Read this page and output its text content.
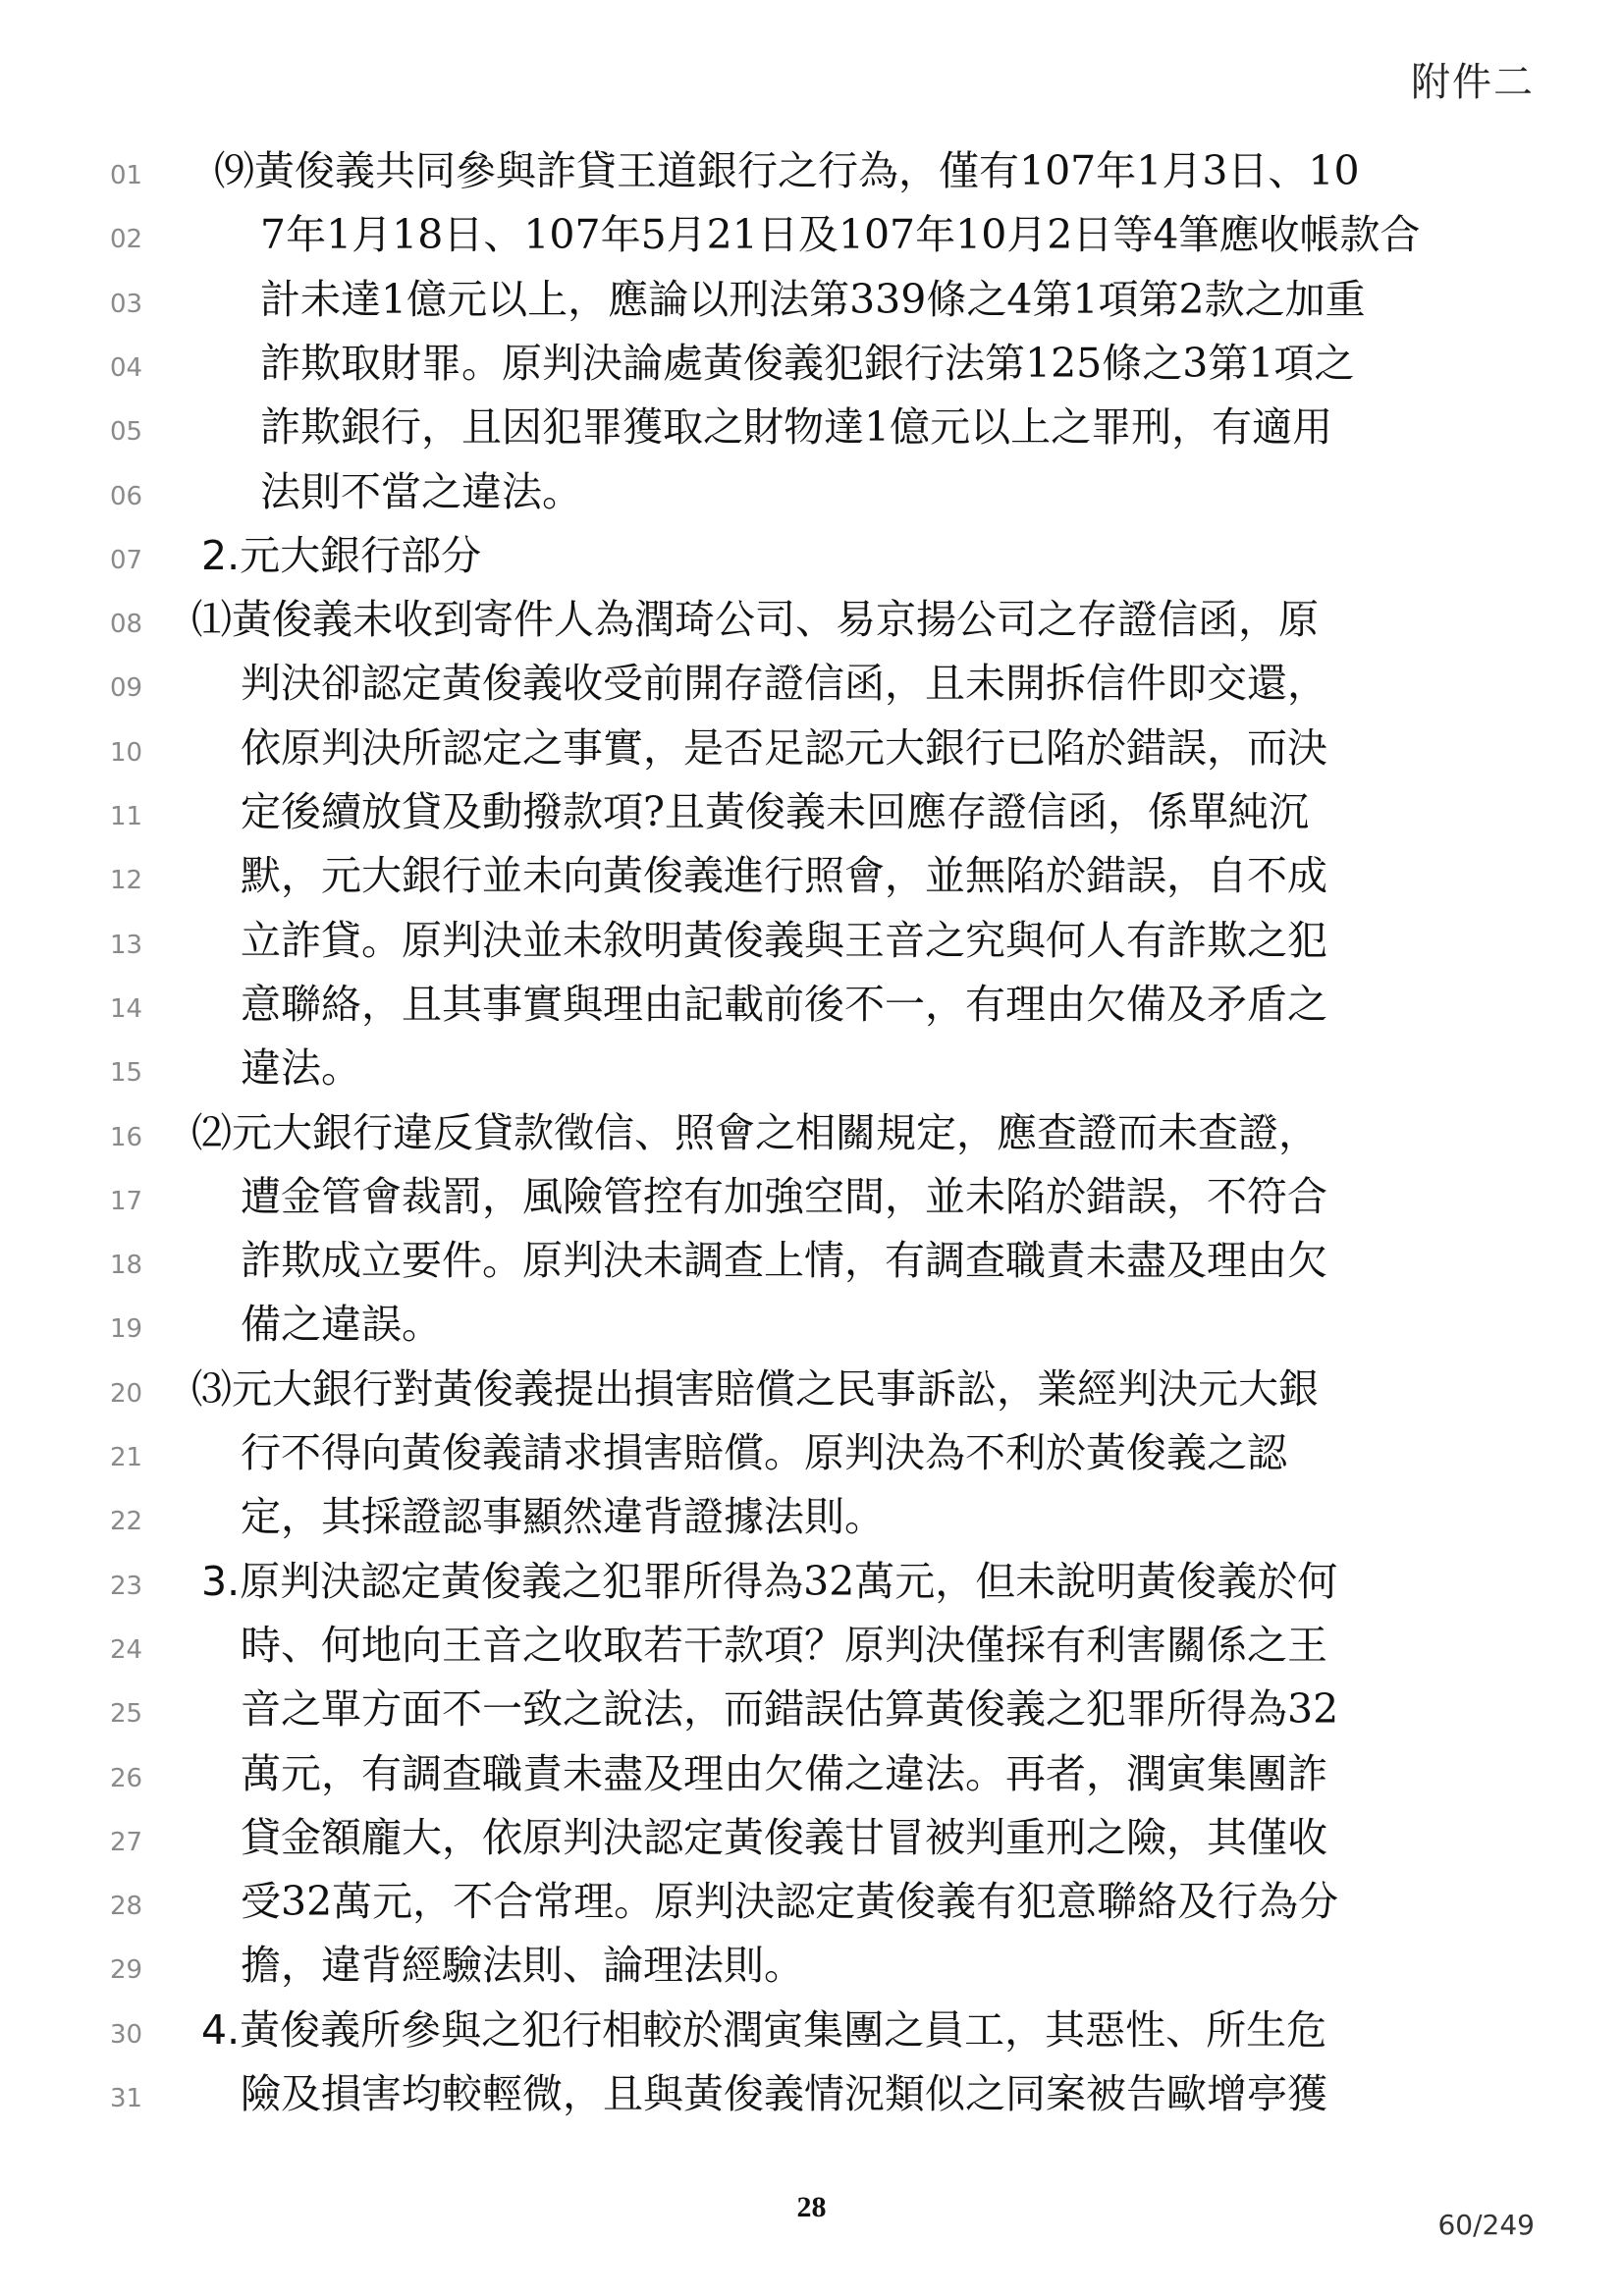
附件二
01	⑼黃俊義共同參與詐貸王道銀行之行為，僅有107年1月3日、10
02	7年1月18日、107年5月21日及107年10月2日等4筆應收帳款合
03	計未達1億元以上，應論以刑法第339條之4第1項第2款之加重
04	詐欺取財罪。原判決論處黃俊義犯銀行法第125條之3第1項之
05	詐欺銀行，且因犯罪獲取之財物達1億元以上之罪刑，有適用
06	法則不當之違法。
07	2.元大銀行部分
08	⑴黃俊義未收到寄件人為潤琦公司、易京揚公司之存證信函，原
09	判決卻認定黃俊義收受前開存證信函，且未開拆信件即交還，
10	依原判決所認定之事實，是否足認元大銀行已陷於錯誤，而決
11	定後續放貸及動撥款項?且黃俊義未回應存證信函，係單純沉
12	默，元大銀行並未向黃俊義進行照會，並無陷於錯誤，自不成
13	立詐貸。原判決並未敘明黃俊義與王音之究與何人有詐欺之犯
14	意聯絡，且其事實與理由記載前後不一，有理由欠備及矛盾之
15	違法。
16	⑵元大銀行違反貸款徵信、照會之相關規定，應查證而未查證，
17	遭金管會裁罰，風險管控有加強空間，並未陷於錯誤，不符合
18	詐欺成立要件。原判決未調查上情，有調查職責未盡及理由欠
19	備之違誤。
20	⑶元大銀行對黃俊義提出損害賠償之民事訴訟，業經判決元大銀
21	行不得向黃俊義請求損害賠償。原判決為不利於黃俊義之認
22	定，其採證認事顯然違背證據法則。
23	3.原判決認定黃俊義之犯罪所得為32萬元，但未說明黃俊義於何
24	時、何地向王音之收取若干款項？原判決僅採有利害關係之王
25	音之單方面不一致之說法，而錯誤估算黃俊義之犯罪所得為32
26	萬元，有調查職責未盡及理由欠備之違法。再者，潤寅集團詐
27	貸金額龐大，依原判決認定黃俊義甘冒被判重刑之險，其僅收
28	受32萬元，不合常理。原判決認定黃俊義有犯意聯絡及行為分
29	擔，違背經驗法則、論理法則。
30	4.黃俊義所參與之犯行相較於潤寅集團之員工，其惡性、所生危
31	險及損害均較輕微，且與黃俊義情況類似之同案被告歐增亭獲
28
60/249
